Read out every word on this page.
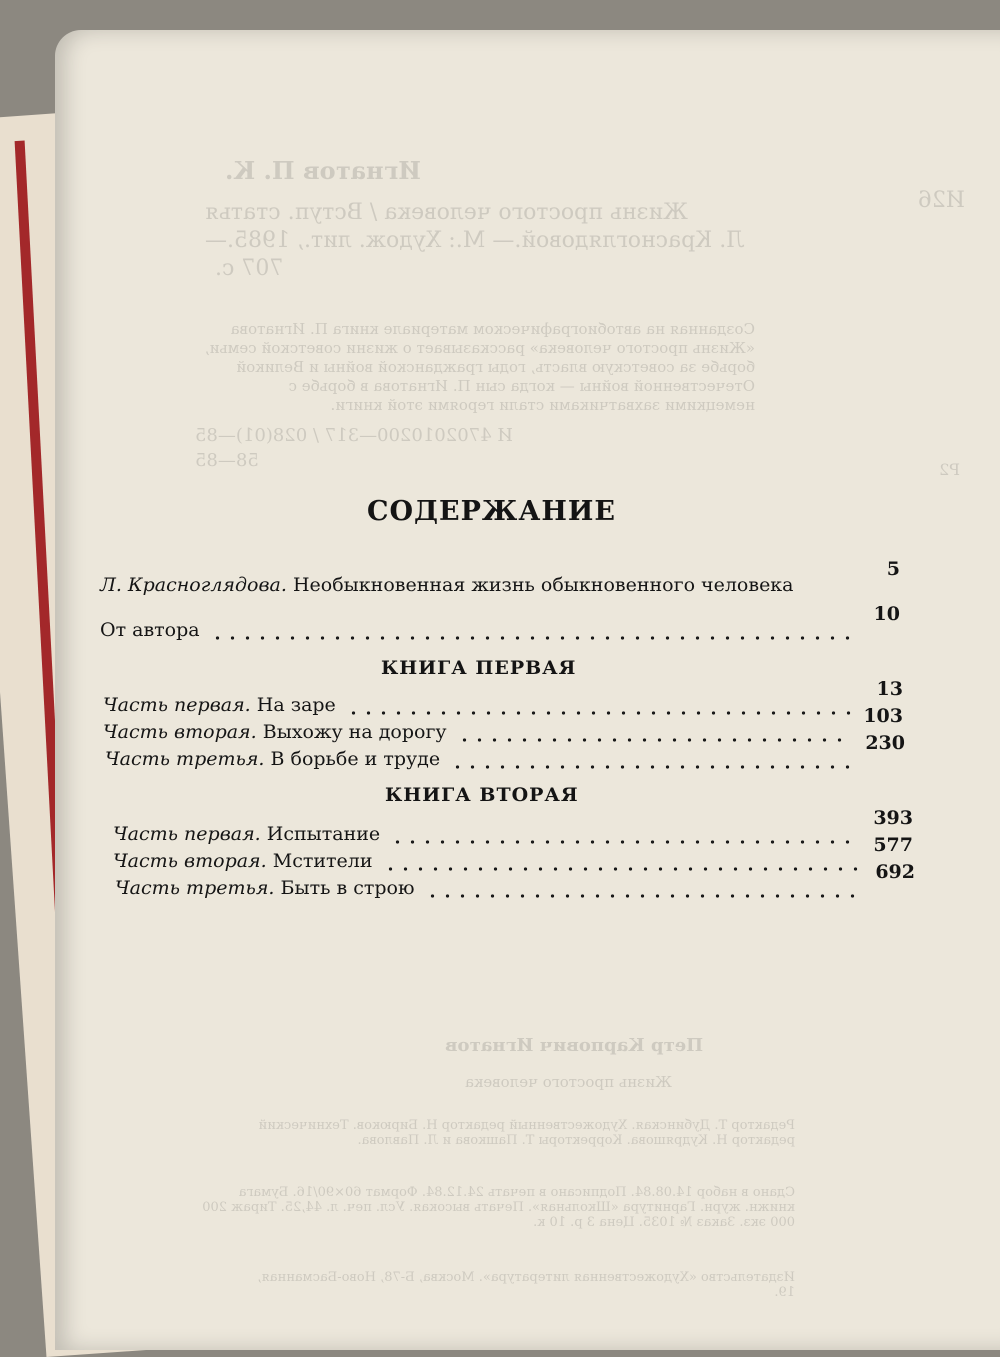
Игнатов П. К.
И26
Жизнь простого человека / Вступ. статья
Л. Красноглядовой.— М.: Худож. лит., 1985.—
707 с.
Созданная на автобиографическом материале книга П. Игнатова «Жизнь простого человека» рассказывает о жизни советской семьи, борьбе за советскую власть, годы гражданской войны и Великой Отечественной войны — когда сын П. Игнатова в борьбе с немецкими захватчиками стали героями этой книги.
И 4702010200—317 / 028(01)—85
58—85	Р2
Петр Карпович Игнатов
Жизнь простого человека
Редактор Т. Дубинская. Художественный редактор Н. Бирюков. Технический редактор Н. Кудряшова. Корректоры Т. Пашкова и Л. Павлова.
Сдано в набор 14.08.84. Подписано в печать 24.12.84. Формат 60×90/16. Бумага книжн. журн. Гарнитура «Школьная». Печать высокая. Усл. печ. л. 44,25. Тираж 200 000 экз. Заказ № 1035. Цена 3 р. 10 к.
Издательство «Художественная литература». Москва, Б-78, Ново-Басманная, 19.
СОДЕРЖАНИЕ
Л. Красноглядова. Необыкновенная жизнь обыкновенного человека
5
От автора
10
КНИГА ПЕРВАЯ
Часть первая. На заре
13
Часть вторая. Выхожу на дорогу
103
Часть третья. В борьбе и труде
230
КНИГА ВТОРАЯ
Часть первая. Испытание
393
Часть вторая. Мстители
577
Часть третья. Быть в строю
692
